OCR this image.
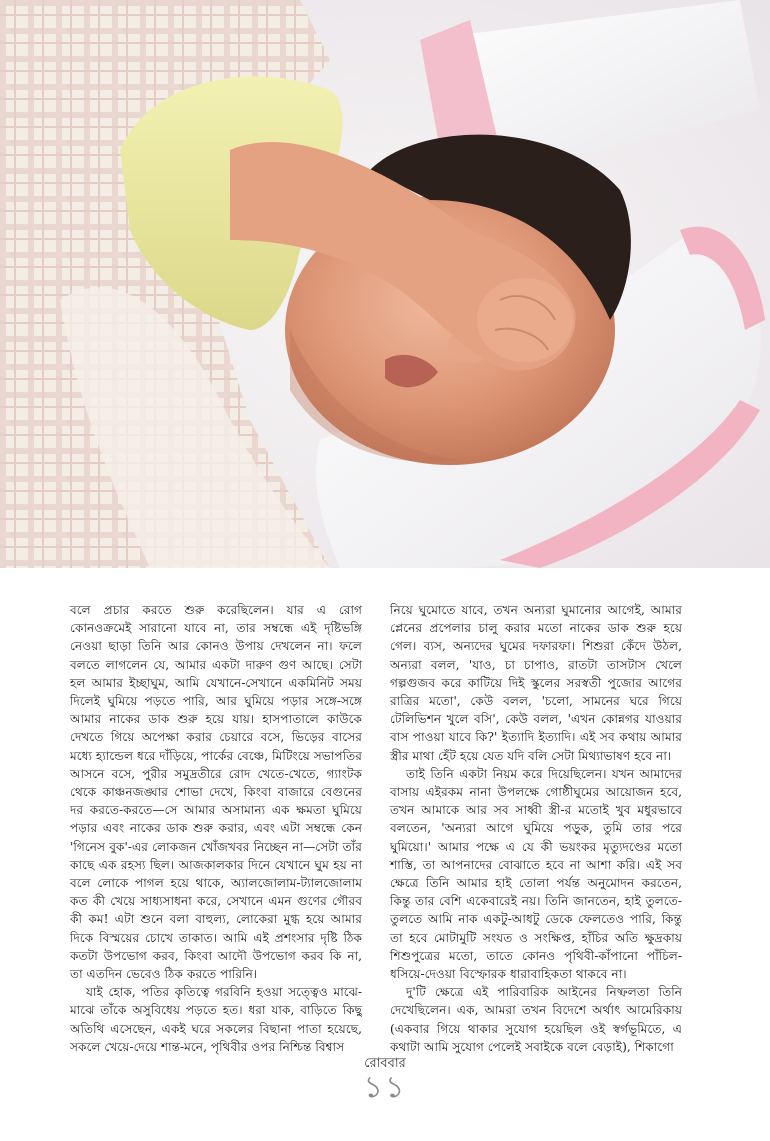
বলে প্রচার করতে শুরু করেছিলেন। যার এ রোগ কোনওক্রমেই সারানো যাবে না, তার সম্বন্ধে এই দৃষ্টিভঙ্গি নেওয়া ছাড়া তিনি আর কোনও উপায় দেখলেন না। ফলে বলতে লাগলেন যে, আমার একটা দারুণ গুণ আছে। সেটা হল আমার ইচ্ছাঘুম, আমি যেখানে-সেখানে একমিনিট সময় দিলেই ঘুমিয়ে পড়তে পারি, আর ঘুমিয়ে পড়ার সঙ্গে-সঙ্গে আমার নাকের ডাক শুরু হয়ে যায়। হাসপাতালে কাউকে দেখতে গিয়ে অপেক্ষা করার চেয়ারে বসে, ভিড়ের বাসের মধ্যে হ্যান্ডেল ধরে দাঁড়িয়ে, পার্কের বেঞ্চে, মিটিংয়ে সভাপতির আসনে বসে, পুরীর সমুদ্রতীরে রোদ খেতে-খেতে, গ্যাংটক থেকে কাঞ্চনজঙ্ঘার শোভা দেখে, কিংবা বাজারে বেগুনের দর করতে-করতে—সে আমার অসামান্য এক ক্ষমতা ঘুমিয়ে পড়ার এবং নাকের ডাক শুরু করার, এবং এটা সম্বন্ধে কেন 'গিনেস বুক'-এর লোকজন খোঁজখবর নিচ্ছেন না—সেটা তাঁর কাছে এক রহস্য ছিল। আজকালকার দিনে যেখানে ঘুম হয় না বলে লোকে পাগল হয়ে থাকে, অ্যালজোলাম-ট্যালজোলাম কত কী খেয়ে সাধ্যসাধনা করে, সেখানে এমন গুণের গৌরব কী কম! এটা শুনে বলা বাহুল্য, লোকেরা মুগ্ধ হয়ে আমার দিকে বিস্ময়ের চোখে তাকাত। আমি এই প্রশংসার দৃষ্টি ঠিক কতটা উপভোগ করব, কিংবা আদৌ উপভোগ করব কি না, তা এতদিন ভেবেও ঠিক করতে পারিনি।

যাই হোক, পতির কৃতিত্বে গরবিনি হওয়া সত্ত্বেও মাঝে-মাঝে তাঁকে অসুবিধেয় পড়তে হত। ধরা যাক, বাড়িতে কিছু অতিথি এসেছেন, একই ঘরে সকলের বিছানা পাতা হয়েছে, সকলে খেয়ে-দেয়ে শান্ত-মনে, পৃথিবীর ওপর নিশ্চিন্ত বিশ্বাস

নিয়ে ঘুমোতে যাবে, তখন অন্যরা ঘুমানোর আগেই, আমার প্লেনের প্রপেলার চালু করার মতো নাকের ডাক শুরু হয়ে গেল। ব্যস, অন্যদের ঘুমের দফারফা। শিশুরা কেঁদে উঠল, অন্যরা বলল, 'যাও, চা চাপাও, রাতটা তাসটাস খেলে গল্পগুজব করে কাটিয়ে দিই স্কুলের সরস্বতী পুজোর আগের রাত্রির মতো', কেউ বলল, 'চলো, সামনের ঘরে গিয়ে টেলিভিশন খুলে বসি', কেউ বলল, 'এখন কোন্নগর যাওয়ার বাস পাওয়া যাবে কি?' ইত্যাদি ইত্যাদি। এই সব কথায় আমার স্ত্রীর মাথা হেঁট হয়ে যেত যদি বলি সেটা মিথ্যাভাষণ হবে না।

তাই তিনি একটা নিয়ম করে দিয়েছিলেন। যখন আমাদের বাসায় এইরকম নানা উপলক্ষে গোষ্ঠীঘুমের আয়োজন হবে, তখন আমাকে আর সব সাধ্বী স্ত্রী-র মতোই খুব মধুরভাবে বলতেন, 'অন্যরা আগে ঘুমিয়ে পড়ুক, তুমি তার পরে ঘুমিয়ো।' আমার পক্ষে এ যে কী ভয়ংকর মৃত্যুদণ্ডের মতো শাস্তি, তা আপনাদের বোঝাতে হবে না আশা করি। এই সব ক্ষেত্রে তিনি আমার হাই তোলা পর্যন্ত অনুমোদন করতেন, কিন্তু তার বেশি একেবারেই নয়। তিনি জানতেন, হাই তুলতে-তুলতে আমি নাক একটু-আধটু ডেকে ফেলতেও পারি, কিন্তু তা হবে মোটামুটি সংযত ও সংক্ষিপ্ত, হাঁচির অতি ক্ষুদ্রকায় শিশুপুত্রের মতো, তাতে কোনও পৃথিবী-কাঁপানো পাঁচিল-ধসিয়ে-দেওয়া বিস্ফোরক ধারাবাহিকতা থাকবে না।

দু'টি ক্ষেত্রে এই পারিবারিক আইনের নিষ্ফলতা তিনি দেখেছিলেন। এক, আমরা তখন বিদেশে অর্থাৎ আমেরিকায় (একবার গিয়ে থাকার সুযোগ হয়েছিল ওই স্বর্গভূমিতে, এ কথাটা আমি সুযোগ পেলেই সবাইকে বলে বেড়াই), শিকাগো

রোববার
১১
